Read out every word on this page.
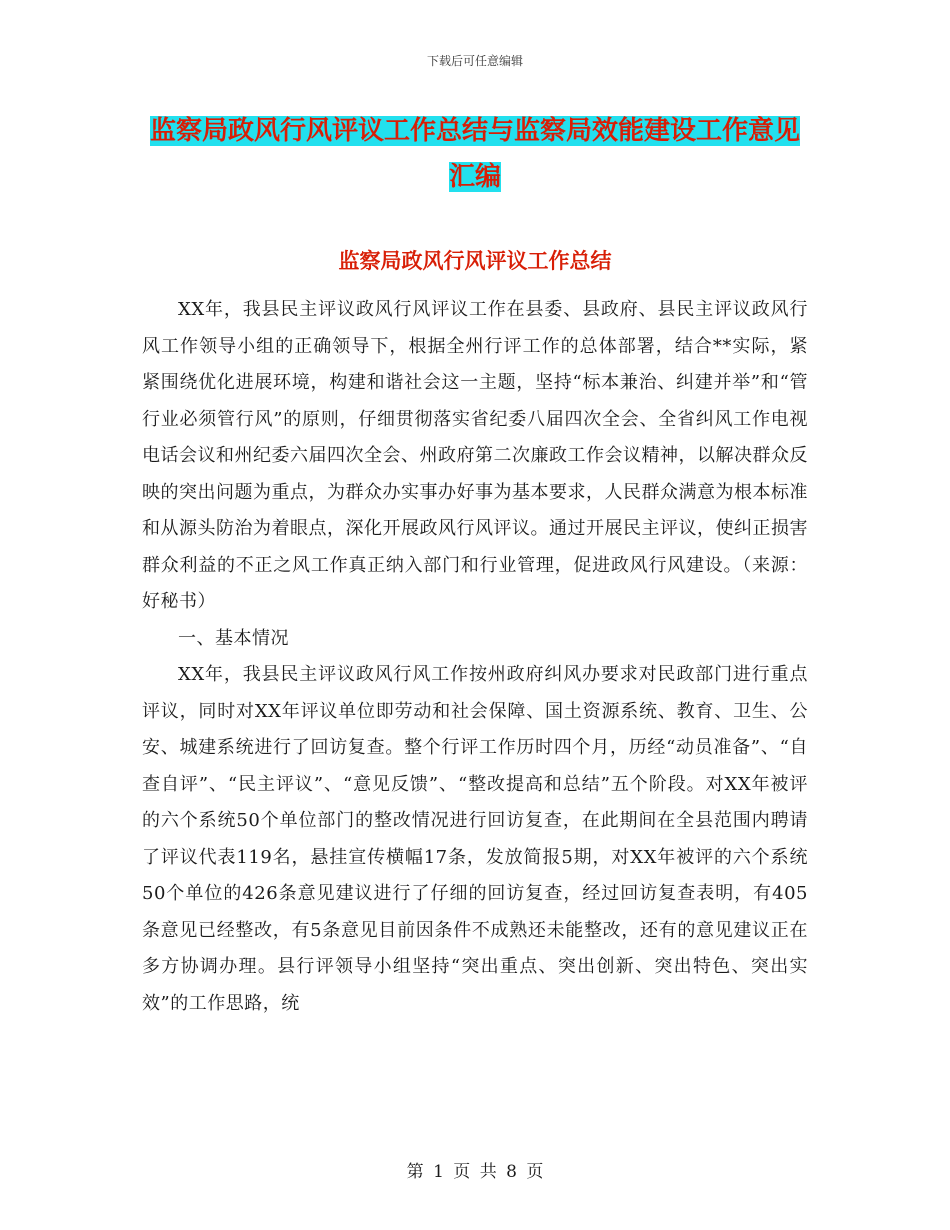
下载后可任意编辑
监察局政风行风评议工作总结与监察局效能建设工作意见汇编
监察局政风行风评议工作总结

XX年，我县民主评议政风行风评议工作在县委、县政府、县民主评议政风行风工作领导小组的正确领导下，根据全州行评工作的总体部署，结合**实际，紧紧围绕优化进展环境，构建和谐社会这一主题，坚持“标本兼治、纠建并举”和“管行业必须管行风”的原则，仔细贯彻落实省纪委八届四次全会、全省纠风工作电视电话会议和州纪委六届四次全会、州政府第二次廉政工作会议精神，以解决群众反映的突出问题为重点，为群众办实事办好事为基本要求，人民群众满意为根本标准和从源头防治为着眼点，深化开展政风行风评议。通过开展民主评议，使纠正损害群众利益的不正之风工作真正纳入部门和行业管理，促进政风行风建设。（来源：好秘书）

一、基本情况

XX年，我县民主评议政风行风工作按州政府纠风办要求对民政部门进行重点评议，同时对XX年评议单位即劳动和社会保障、国土资源系统、教育、卫生、公安、城建系统进行了回访复查。整个行评工作历时四个月，历经“动员准备”、“自查自评”、“民主评议”、“意见反馈”、“整改提高和总结”五个阶段。对XX年被评的六个系统50个单位部门的整改情况进行回访复查，在此期间在全县范围内聘请了评议代表119名，悬挂宣传横幅17条，发放简报5期，对XX年被评的六个系统50个单位的426条意见建议进行了仔细的回访复查，经过回访复查表明，有405条意见已经整改，有5条意见目前因条件不成熟还未能整改，还有的意见建议正在多方协调办理。县行评领导小组坚持“突出重点、突出创新、突出特色、突出实效”的工作思路，统

第 1 页 共 8 页
